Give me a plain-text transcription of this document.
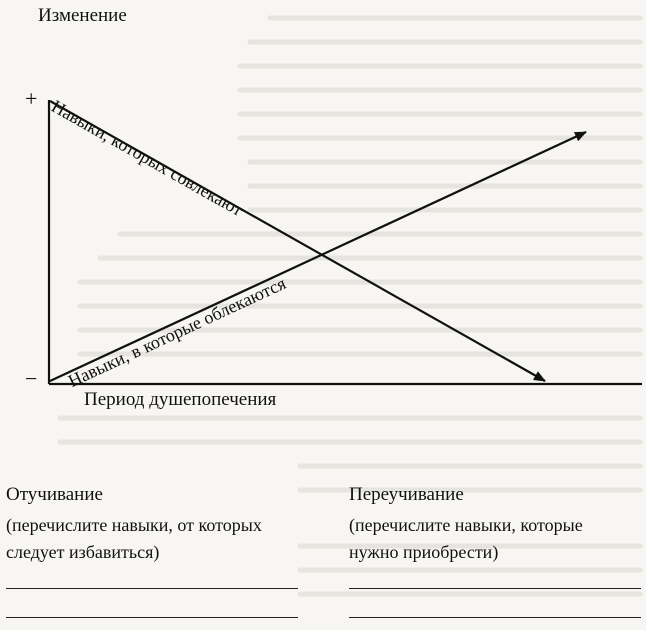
Изменение
+
−
Период душепопечения
Навыки, которых совлекают
Навыки, в которые облекаются
Отучивание
(перечислите навыки, от которых
следует избавиться)
Переучивание
(перечислите навыки, которые
нужно приобрести)
